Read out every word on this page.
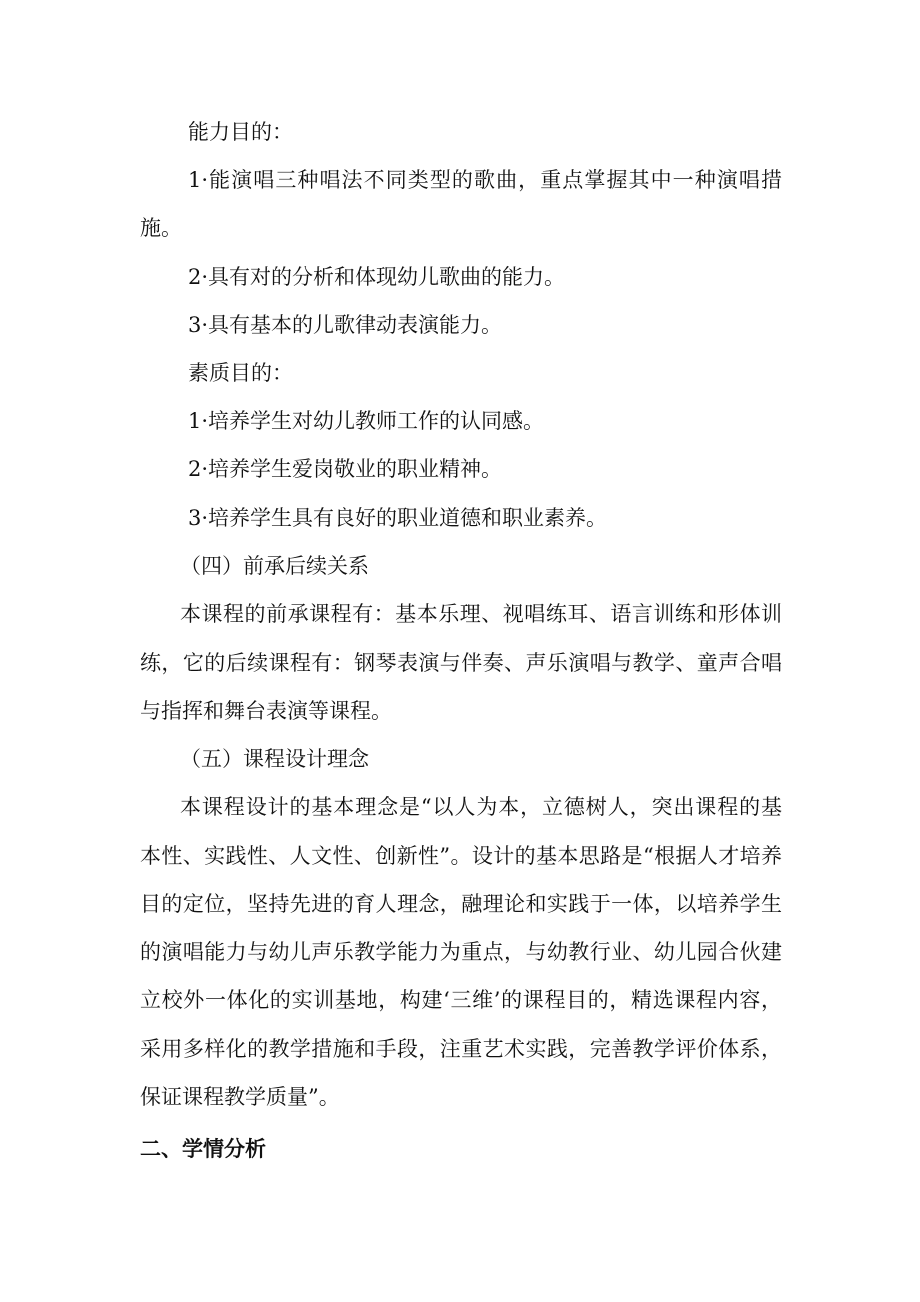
能力目的：
1·能演唱三种唱法不同类型的歌曲，重点掌握其中一种演唱措
施。
2·具有对的分析和体现幼儿歌曲的能力。
3·具有基本的儿歌律动表演能力。
素质目的：
1·培养学生对幼儿教师工作的认同感。
2·培养学生爱岗敬业的职业精神。
3·培养学生具有良好的职业道德和职业素养。
（四）前承后续关系
本课程的前承课程有：基本乐理、视唱练耳、语言训练和形体训
练，它的后续课程有：钢琴表演与伴奏、声乐演唱与教学、童声合唱
与指挥和舞台表演等课程。
（五）课程设计理念
本课程设计的基本理念是“以人为本，立德树人，突出课程的基
本性、实践性、人文性、创新性”。设计的基本思路是“根据人才培养
目的定位，坚持先进的育人理念，融理论和实践于一体，以培养学生
的演唱能力与幼儿声乐教学能力为重点，与幼教行业、幼儿园合伙建
立校外一体化的实训基地，构建‘三维’的课程目的，精选课程内容，
采用多样化的教学措施和手段，注重艺术实践，完善教学评价体系，
保证课程教学质量”。
二、学情分析
